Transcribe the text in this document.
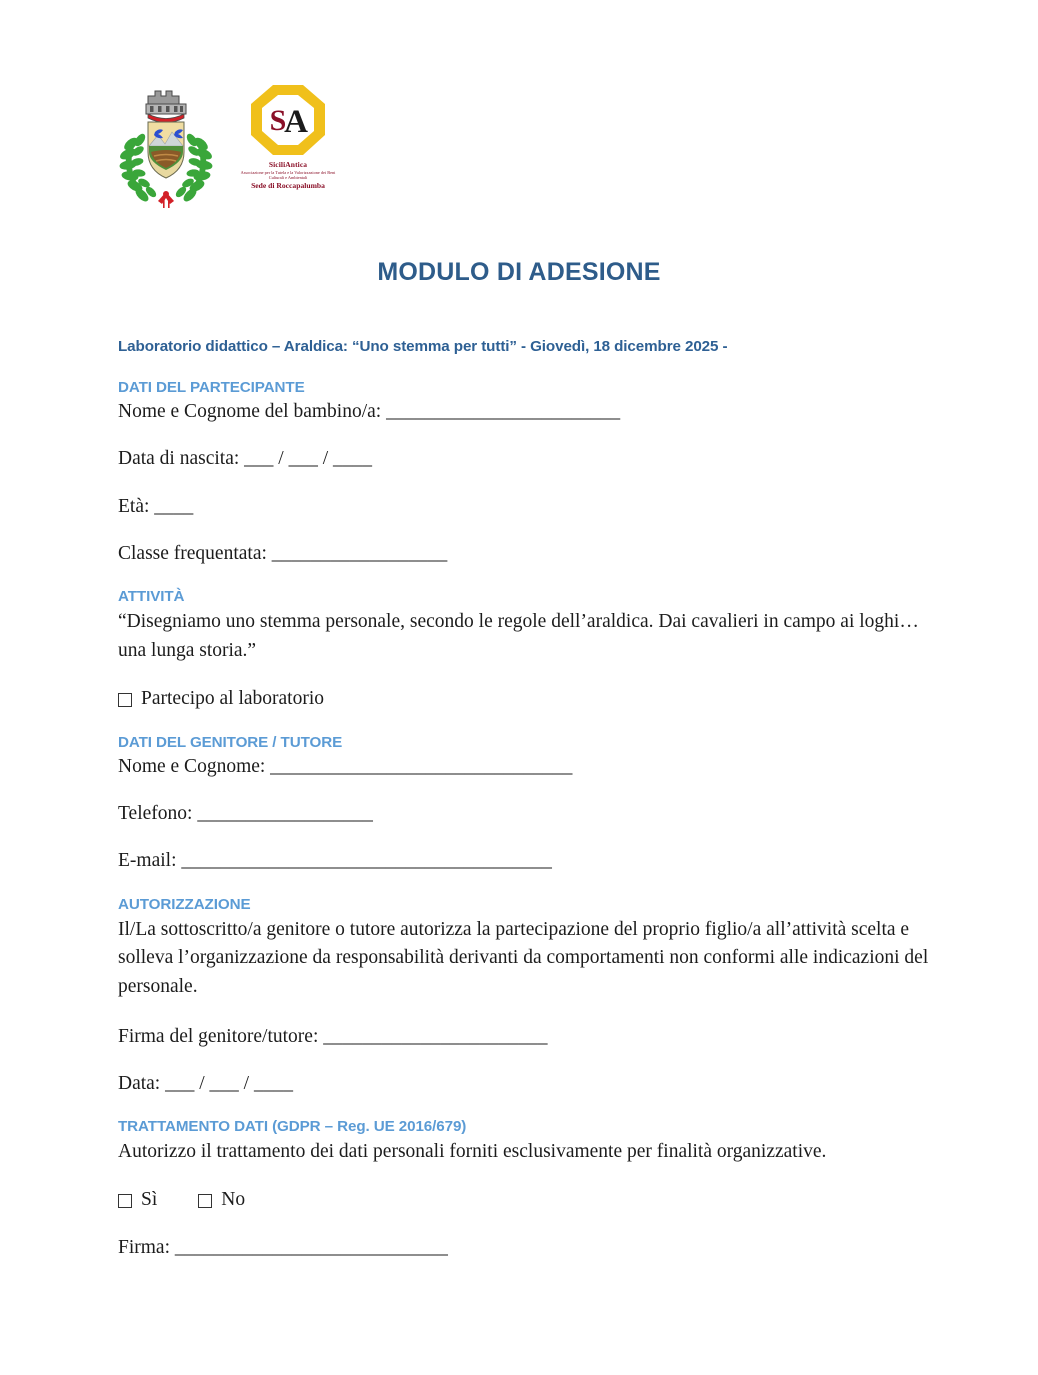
S
A
SiciliAntica
Associazione per la Tutela e la Valorizzazione dei Beni Culturali e Ambientali
Sede di Roccapalumba
MODULO DI ADESIONE
Laboratorio didattico – Araldica: “Uno stemma per tutti” - Giovedì, 18 dicembre 2025 -
DATI DEL PARTECIPANTE
Nome e Cognome del bambino/a: ________________________
Data di nascita: ___ / ___ / ____
Età: ____
Classe frequentata: __________________
ATTIVITÀ
“Disegniamo uno stemma personale, secondo le regole dell’araldica. Dai cavalieri in campo ai loghi… una lunga storia.”
Partecipo al laboratorio
DATI DEL GENITORE / TUTORE
Nome e Cognome: _______________________________
Telefono: __________________
E-mail: ______________________________________
AUTORIZZAZIONE
Il/La sottoscritto/a genitore o tutore autorizza la partecipazione del proprio figlio/a all’attività scelta e solleva l’organizzazione da responsabilità derivanti da comportamenti non conformi alle indicazioni del personale.
Firma del genitore/tutore: _______________________
Data: ___ / ___ / ____
TRATTAMENTO DATI (GDPR – Reg. UE 2016/679)
Autorizzo il trattamento dei dati personali forniti esclusivamente per finalità organizzative.
Sì	No
Firma: ____________________________
